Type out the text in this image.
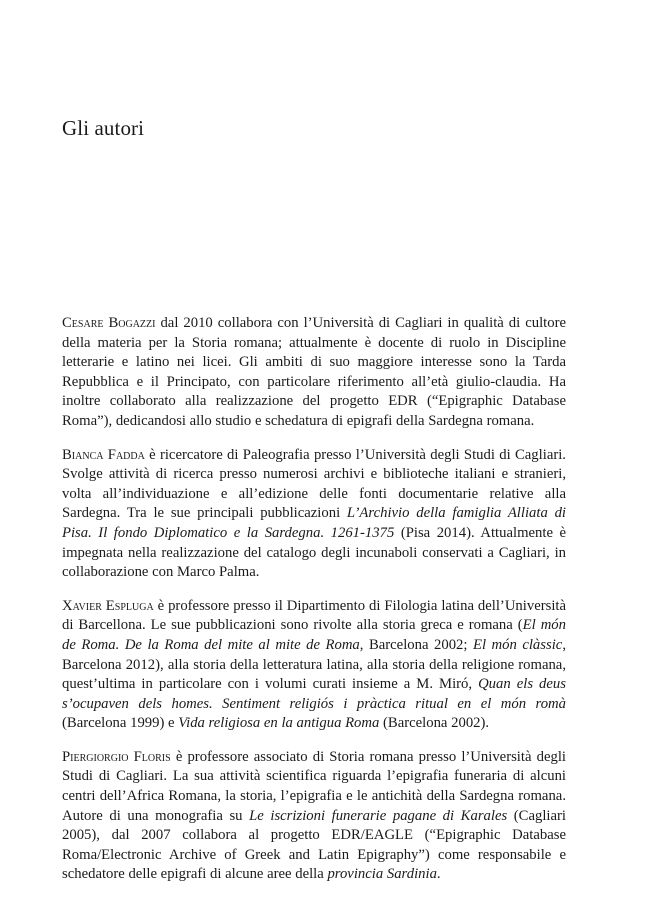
Gli autori

Cesare Bogazzi dal 2010 collabora con l’Università di Cagliari in qualità di cultore della materia per la Storia romana; attualmente è docente di ruolo in Discipline letterarie e latino nei licei. Gli ambiti di suo maggiore interesse sono la Tarda Repubblica e il Principato, con particolare riferimento all’età giulio-claudia. Ha inoltre collaborato alla realizzazione del progetto EDR (“Epigraphic Database Roma”), dedicandosi allo studio e schedatura di epigrafi della Sardegna romana.

Bianca Fadda è ricercatore di Paleografia presso l’Università degli Studi di Cagliari. Svolge attività di ricerca presso numerosi archivi e biblioteche italiani e stranieri, volta all’individuazione e all’edizione delle fonti documentarie relative alla Sardegna. Tra le sue principali pubblicazioni L’Archivio della famiglia Alliata di Pisa. Il fondo Diplomatico e la Sardegna. 1261-1375 (Pisa 2014). Attualmente è impegnata nella realizzazione del catalogo degli incunaboli conservati a Cagliari, in collaborazione con Marco Palma.

Xavier Espluga è professore presso il Dipartimento di Filologia latina dell’Università di Barcellona. Le sue pubblicazioni sono rivolte alla storia greca e romana (El món de Roma. De la Roma del mite al mite de Roma, Barcelona 2002; El món clàssic, Barcelona 2012), alla storia della letteratura latina, alla storia della religione romana, quest’ultima in particolare con i volumi curati insieme a M. Miró, Quan els deus s’ocupaven dels homes. Sentiment religiós i pràctica ritual en el món romà (Barcelona 1999) e Vida religiosa en la antigua Roma (Barcelona 2002).

Piergiorgio Floris è professore associato di Storia romana presso l’Università degli Studi di Cagliari. La sua attività scientifica riguarda l’epigrafia funeraria di alcuni centri dell’Africa Romana, la storia, l’epigrafia e le antichità della Sardegna romana. Autore di una monografia su Le iscrizioni funerarie pagane di Karales (Cagliari 2005), dal 2007 collabora al progetto EDR/EAGLE (“Epigraphic Database Roma/Electronic Archive of Greek and Latin Epigraphy”) come responsabile e schedatore delle epigrafi di alcune aree della provincia Sardinia.
